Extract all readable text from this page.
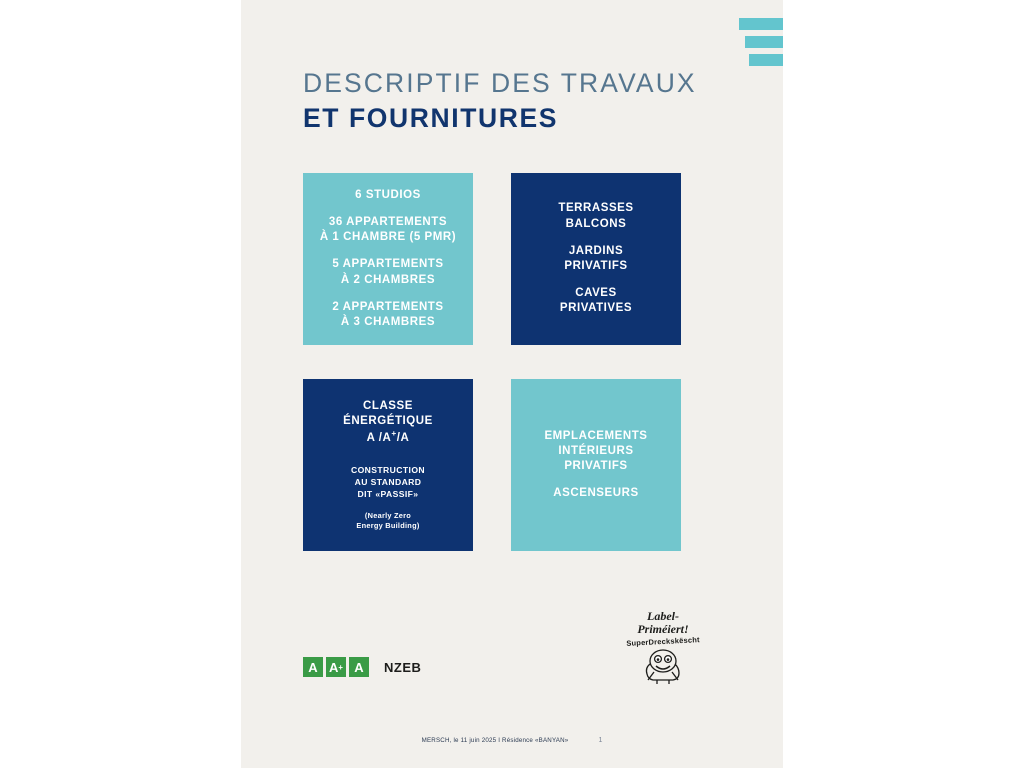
DESCRIPTIF DES TRAVAUX
ET FOURNITURES
6 STUDIOS
36 APPARTEMENTS
À 1 CHAMBRE (5 PMR)
5 APPARTEMENTS
À 2 CHAMBRES
2 APPARTEMENTS
À 3 CHAMBRES
TERRASSES
BALCONS
JARDINS
PRIVATIFS
CAVES
PRIVATIVES
CLASSE
ÉNERGÉTIQUE
A /A+/A
CONSTRUCTION
AU STANDARD
DIT «PASSIF»
(Nearly Zero
Energy Building)
EMPLACEMENTS
INTÉRIEURS
PRIVATIFS
ASCENSEURS
A A + A	NZEB
Label-
Priméiert!
SuperDreckskëscht
MERSCH, le 11 juin 2025 I Résidence «BANYAN»	1
